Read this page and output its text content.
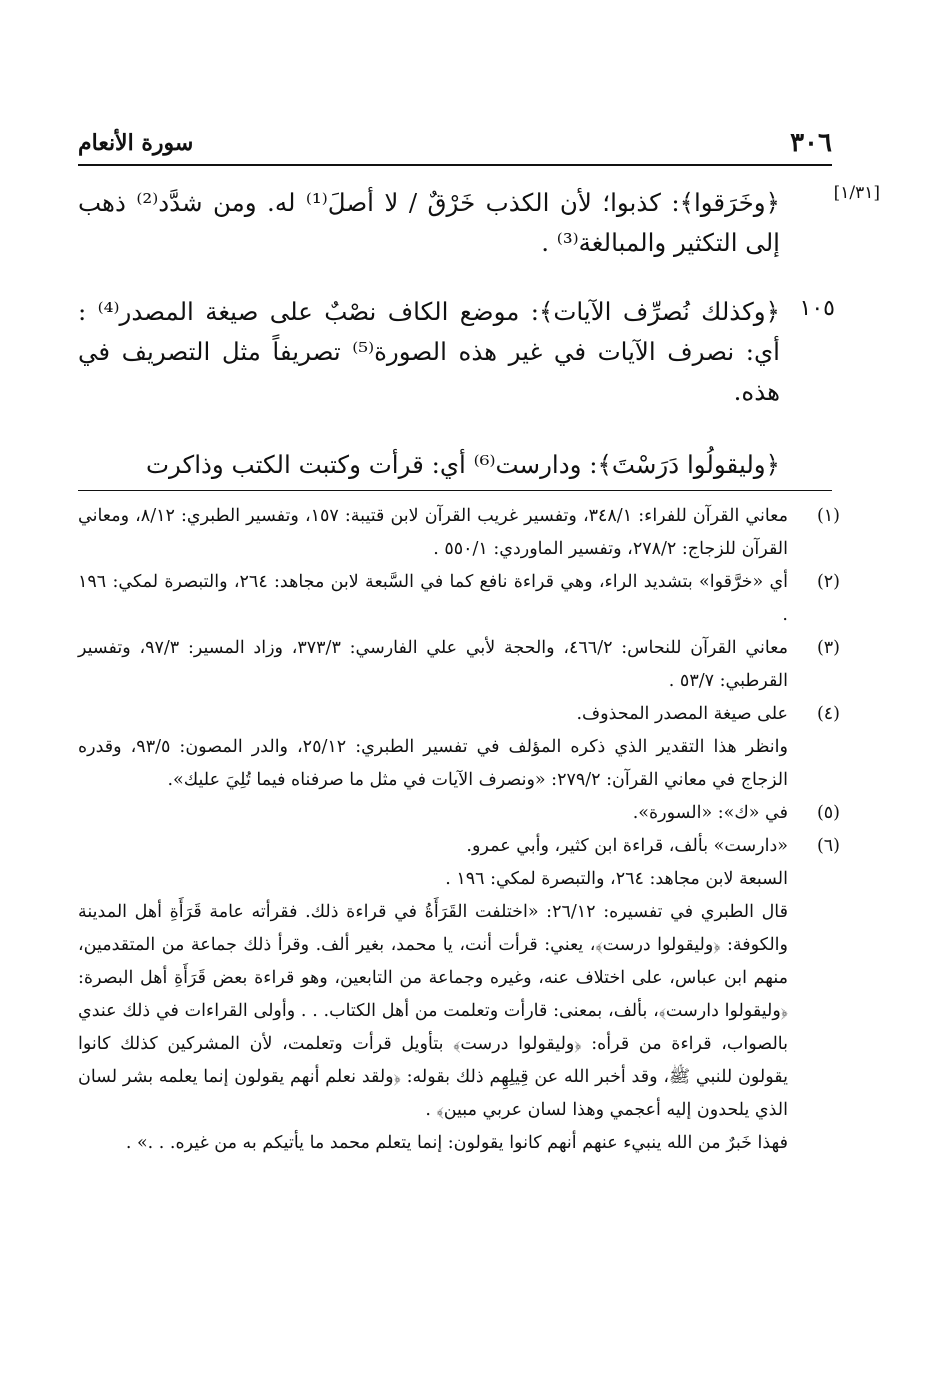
٣٠٦
سورة الأنعام
[١/٣١]
١٠٥
﴿وخَرَقوا﴾: كذبوا؛ لأن الكذب خَرْقٌ / لا أصلَ⁽¹⁾ له. ومن شدَّد⁽²⁾ ذهب إلى التكثير والمبالغة⁽³⁾ .
﴿وكذلك نُصرِّف الآيات﴾: موضع الكاف نصْبٌ على صيغة المصدر⁽⁴⁾ : أي: نصرف الآيات في غير هذه الصورة⁽⁵⁾ تصريفاً مثل التصريف في هذه.
﴿وليقولُوا دَرَسْتَ﴾: ودارست⁽⁶⁾ أي: قرأت وكتبت الكتب وذاكرت
(١)

معاني القرآن للفراء: ٣٤٨/١، وتفسير غريب القرآن لابن قتيبة: ١٥٧، وتفسير الطبري: ٨/١٢، ومعاني القرآن للزجاج: ٢٧٨/٢، وتفسير الماوردي: ٥٥٠/١ .

(٢)

أي «خرَّقوا» بتشديد الراء، وهي قراءة نافع كما في السَّبعة لابن مجاهد: ٢٦٤، والتبصرة لمكي: ١٩٦ .

(٣)

معاني القرآن للنحاس: ٤٦٦/٢، والحجة لأبي علي الفارسي: ٣٧٣/٣، وزاد المسير: ٩٧/٣، وتفسير القرطبي: ٥٣/٧ .

(٤)

على صيغة المصدر المحذوف.

وانظر هذا التقدير الذي ذكره المؤلف في تفسير الطبري: ٢٥/١٢، والدر المصون: ٩٣/٥، وقدره الزجاج في معاني القرآن: ٢٧٩/٢: «ونصرف الآيات في مثل ما صرفناه فيما تُلِيَ عليك».

(٥)

في «ك»: «السورة».

(٦)

«دارست» بألف، قراءة ابن كثير، وأبي عمرو.

السبعة لابن مجاهد: ٢٦٤، والتبصرة لمكي: ١٩٦ .

قال الطبري في تفسيره: ٢٦/١٢: «اختلفت القَرَأَةُ في قراءة ذلك. فقرأته عامة قَرَأَةِ أهل المدينة والكوفة: ﴿وليقولوا درست﴾، يعني: قرأت أنت، يا محمد، بغير ألف. وقرأ ذلك جماعة من المتقدمين، منهم ابن عباس، على اختلاف عنه، وغيره وجماعة من التابعين، وهو قراءة بعض قَرَأَةِ أهل البصرة: ﴿وليقولوا دارست﴾، بألف، بمعنى: قارأت وتعلمت من أهل الكتاب. . . وأولى القراءات في ذلك عندي بالصواب، قراءة من قرأه: ﴿وليقولوا درست﴾ بتأويل قرأت وتعلمت، لأن المشركين كذلك كانوا يقولون للنبي ﷺ، وقد أخبر الله عن قِيلِهِم ذلك بقوله: ﴿ولقد نعلم أنهم يقولون إنما يعلمه بشر لسان الذي يلحدون إليه أعجمي وهذا لسان عربي مبين﴾ .

فهذا خَبرٌ من الله ينبيء عنهم أنهم كانوا يقولون: إنما يتعلم محمد ما يأتيكم به من غيره. . .» .
